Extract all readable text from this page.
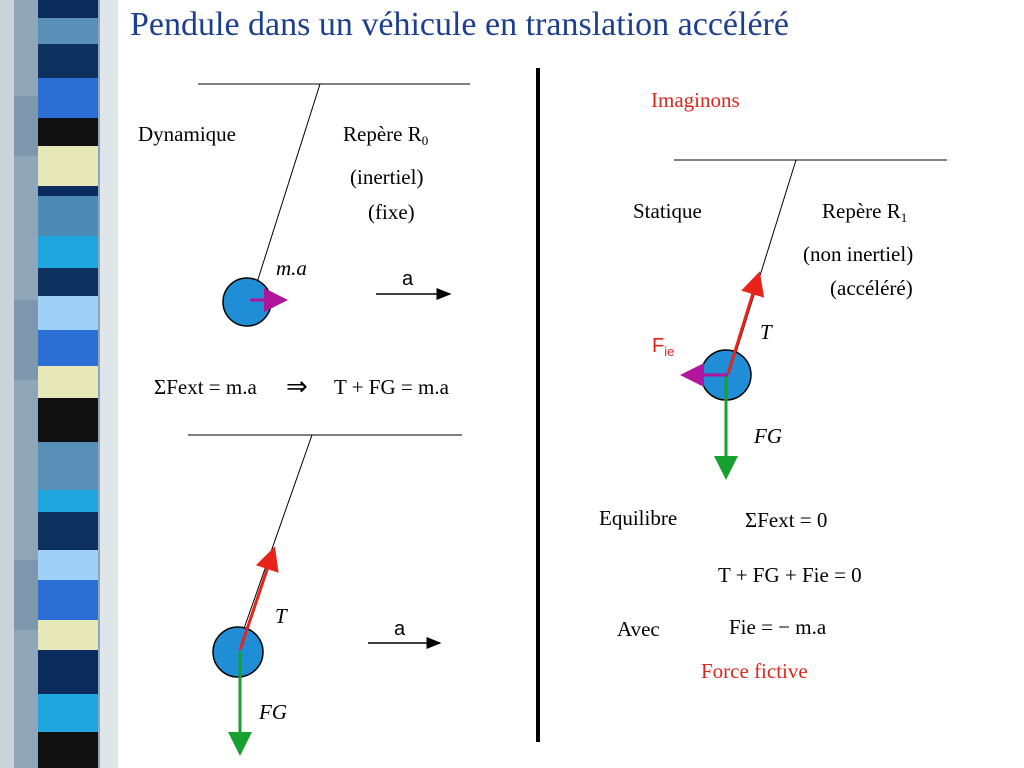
Pendule dans un véhicule en translation accéléré
Dynamique	Repère $R_0$
(inertiel)
(fixe)
m.a	a
ΣFext = m.a ⇒ T + FG = m.a
T
FG
a
Imaginons
Statique	Repère $R_1$
(non inertiel)
(accéléré)
$F_{ie}$
T
FG
Equilibre	ΣFext = 0
T + FG + Fie = 0
Avec	Fie = − m.a
Force fictive
